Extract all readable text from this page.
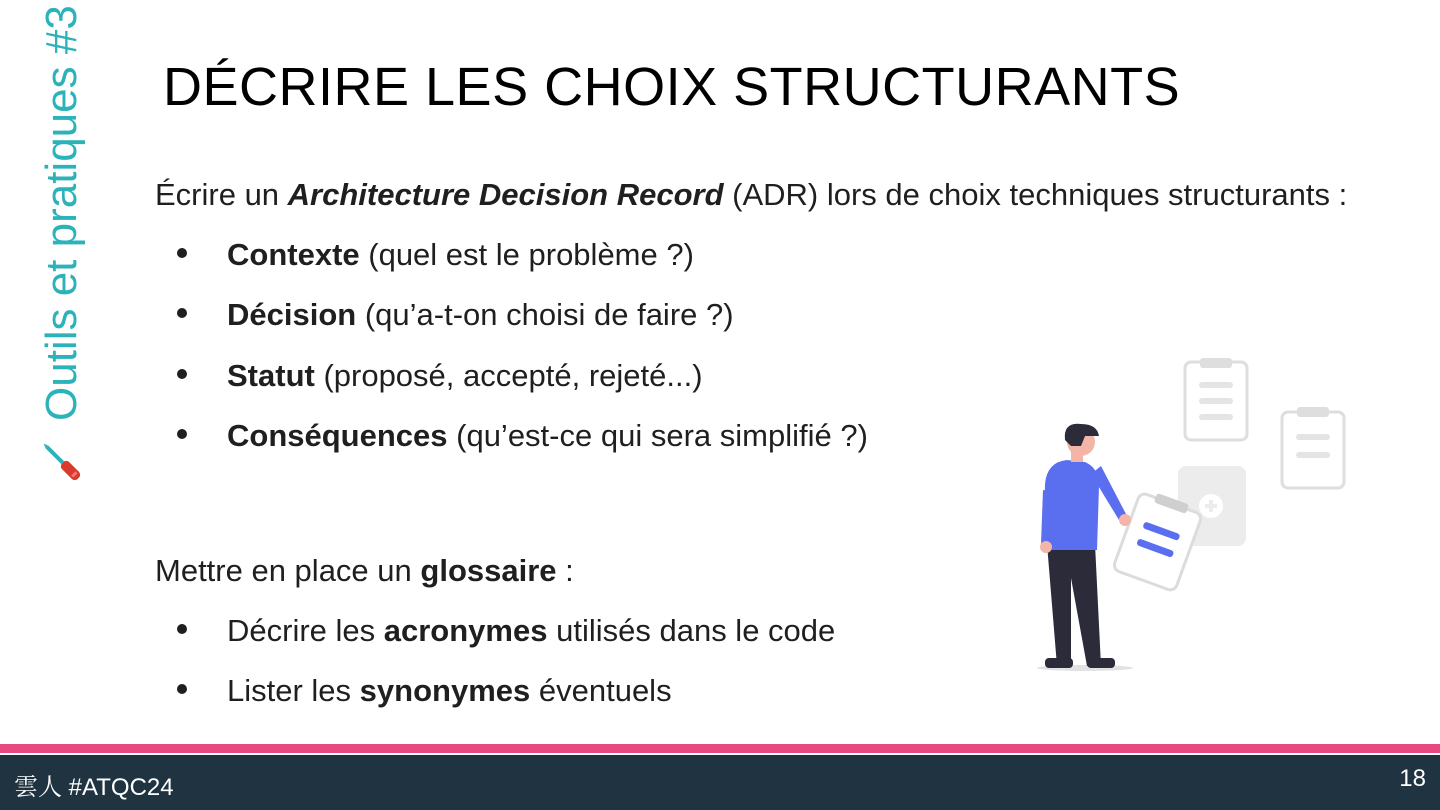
Outils et pratiques #3 DÉCRIRE LES CHOIX STRUCTURANTS

Écrire un Architecture Decision Record (ADR) lors de choix techniques structurants :

Contexte (quel est le problème ?)
Décision (qu’a-t-on choisi de faire ?)
Statut (proposé, accepté, rejeté...)
Conséquences (qu’est-ce qui sera simplifié ?)

Mettre en place un glossaire :

Décrire les acronymes utilisés dans le code
Lister les synonymes éventuels
雲人 #ATQC24	18
